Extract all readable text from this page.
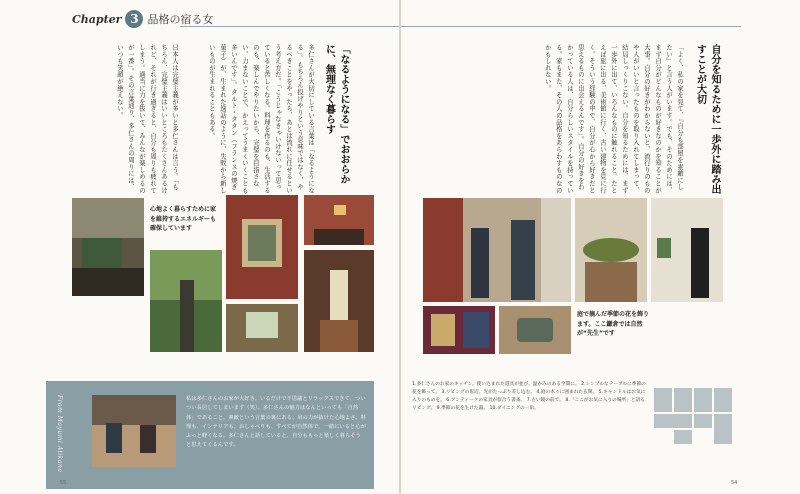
Chapter 3 品格の宿る女
「なるようになる」でおおらかに、無理なく暮らす
多仁さんが大切にしている言葉は「なるようになる」。もちろん投げやりという意味ではなく、やるべきことをやったら、あとは流れに任せるという考え方だ。「こうじゃなきゃいけないって思っていると苦しくなる。料理を作るのも、生活するのも、楽しんでやりたいから、完璧を目指さない。力まないことで、かえってうまくいくことも多いんです」。タルト・タタン（フランスの焼き菓子）が、生まれた逸話のように、失敗から新しいものが生まれることもある。
日本人は完璧主義が多いと多仁さんは言う。「もちろん、完璧主義はいいところもたくさんあるけれど、それが行き過ぎると、自分も周りも疲れてしまう。適当に力を抜いて、みんなが楽しめるのが一番」。その言葉通り、多仁さんの周りには、いつも笑顔が絶えない。
心地よく暮らすために家を維持するエネルギーも確保しています
From Mayumi Atikana	私は多仁さんのお家が大好き。いるだけで不思議とリラックスできて、ついつい長居してしまいます（笑）。多仁さんの魅力はなんといっても「自然体」であること。素敵という言葉の裏にある、肩の力が抜けた心地よさ。料理も、インテリアも、おしゃべりも、すべてが自然体で、一緒にいると心がふっと軽くなる。多仁さんと話していると、自分ももっと楽しく暮らそうと思えてくるんです。
55
自分を知るために一歩外に踏み出すことが大切
「よく、私の家を見て、『自分も部屋を素敵にしたい』と言う人がいます。でも、そのためには、まず自分がどんなものが好きなのかを知ることが大事。自分の好きがわからないと、流行りのものや人がいいと言ったものを取り入れてしまって、結局しっくりこない。自分を知るためには、まず一歩外に出て、いろんなものに触れること。たとえば旅に出る、美術館に行く、古い建物を見に行く。そういう経験の中で、自分が心から好きだと思えるものに出会えるんです」。自分の好きをわかっている人は、自分らしいスタイルを持っている。家もまた、その人の品格をあらわすものなのかもしれない。
庭で摘んだ季節の花を飾ります。ここ鎌倉では自然が“先生”です
1.多仁さんのお家のキッチン。使い込まれた道具が並び、温かみのある空間に。 2.シンプルなテーブルに季節の花を飾って。 3.リビングの窓辺。光がたっぷり差し込む。 4.庭の木々に囲まれた玄関。 5.キャンドルはお気に入りのものを。 6.アンティークの家具が似合う書斎。 7.古い鏡の前で。 8.「ここがお気に入りの場所」と語るリビング。 9.季節の花を生けた器。 10.ダイニングの一角。
54
